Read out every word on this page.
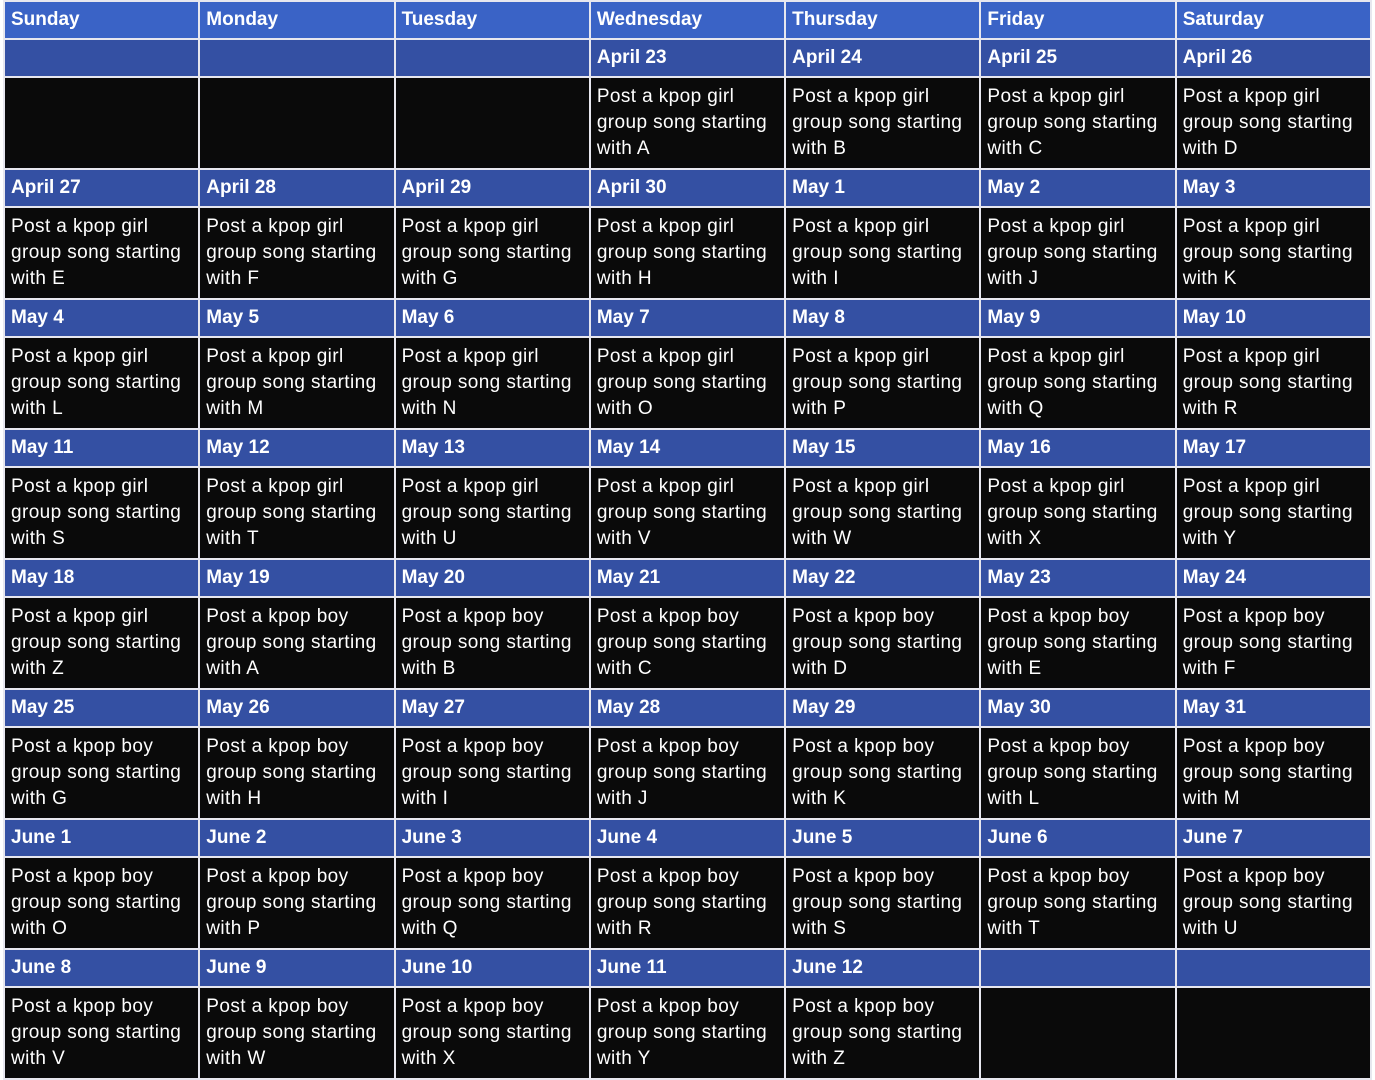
Sunday	Monday	Tuesday	Wednesday	Thursday	Friday	Saturday
			April 23	April 24	April 25	April 26

			Post a kpop girl group song starting with A	Post a kpop girl group song starting with B	Post a kpop girl group song starting with C	Post a kpop girl group song starting with D

April 27	April 28	April 29	April 30	May 1	May 2	May 3

Post a kpop girl group song starting with E	Post a kpop girl group song starting with F	Post a kpop girl group song starting with G	Post a kpop girl group song starting with H	Post a kpop girl group song starting with I	Post a kpop girl group song starting with J	Post a kpop girl group song starting with K

May 4	May 5	May 6	May 7	May 8	May 9	May 10

Post a kpop girl group song starting with L	Post a kpop girl group song starting with M	Post a kpop girl group song starting with N	Post a kpop girl group song starting with O	Post a kpop girl group song starting with P	Post a kpop girl group song starting with Q	Post a kpop girl group song starting with R

May 11	May 12	May 13	May 14	May 15	May 16	May 17

Post a kpop girl group song starting with S	Post a kpop girl group song starting with T	Post a kpop girl group song starting with U	Post a kpop girl group song starting with V	Post a kpop girl group song starting with W	Post a kpop girl group song starting with X	Post a kpop girl group song starting with Y

May 18	May 19	May 20	May 21	May 22	May 23	May 24

Post a kpop girl group song starting with Z	Post a kpop boy group song starting with A	Post a kpop boy group song starting with B	Post a kpop boy group song starting with C	Post a kpop boy group song starting with D	Post a kpop boy group song starting with E	Post a kpop boy group song starting with F

May 25	May 26	May 27	May 28	May 29	May 30	May 31

Post a kpop boy group song starting with G	Post a kpop boy group song starting with H	Post a kpop boy group song starting with I	Post a kpop boy group song starting with J	Post a kpop boy group song starting with K	Post a kpop boy group song starting with L	Post a kpop boy group song starting with M

June 1	June 2	June 3	June 4	June 5	June 6	June 7

Post a kpop boy group song starting with O	Post a kpop boy group song starting with P	Post a kpop boy group song starting with Q	Post a kpop boy group song starting with R	Post a kpop boy group song starting with S	Post a kpop boy group song starting with T	Post a kpop boy group song starting with U

June 8	June 9	June 10	June 11	June 12		

Post a kpop boy group song starting with V	Post a kpop boy group song starting with W	Post a kpop boy group song starting with X	Post a kpop boy group song starting with Y	Post a kpop boy group song starting with Z		
